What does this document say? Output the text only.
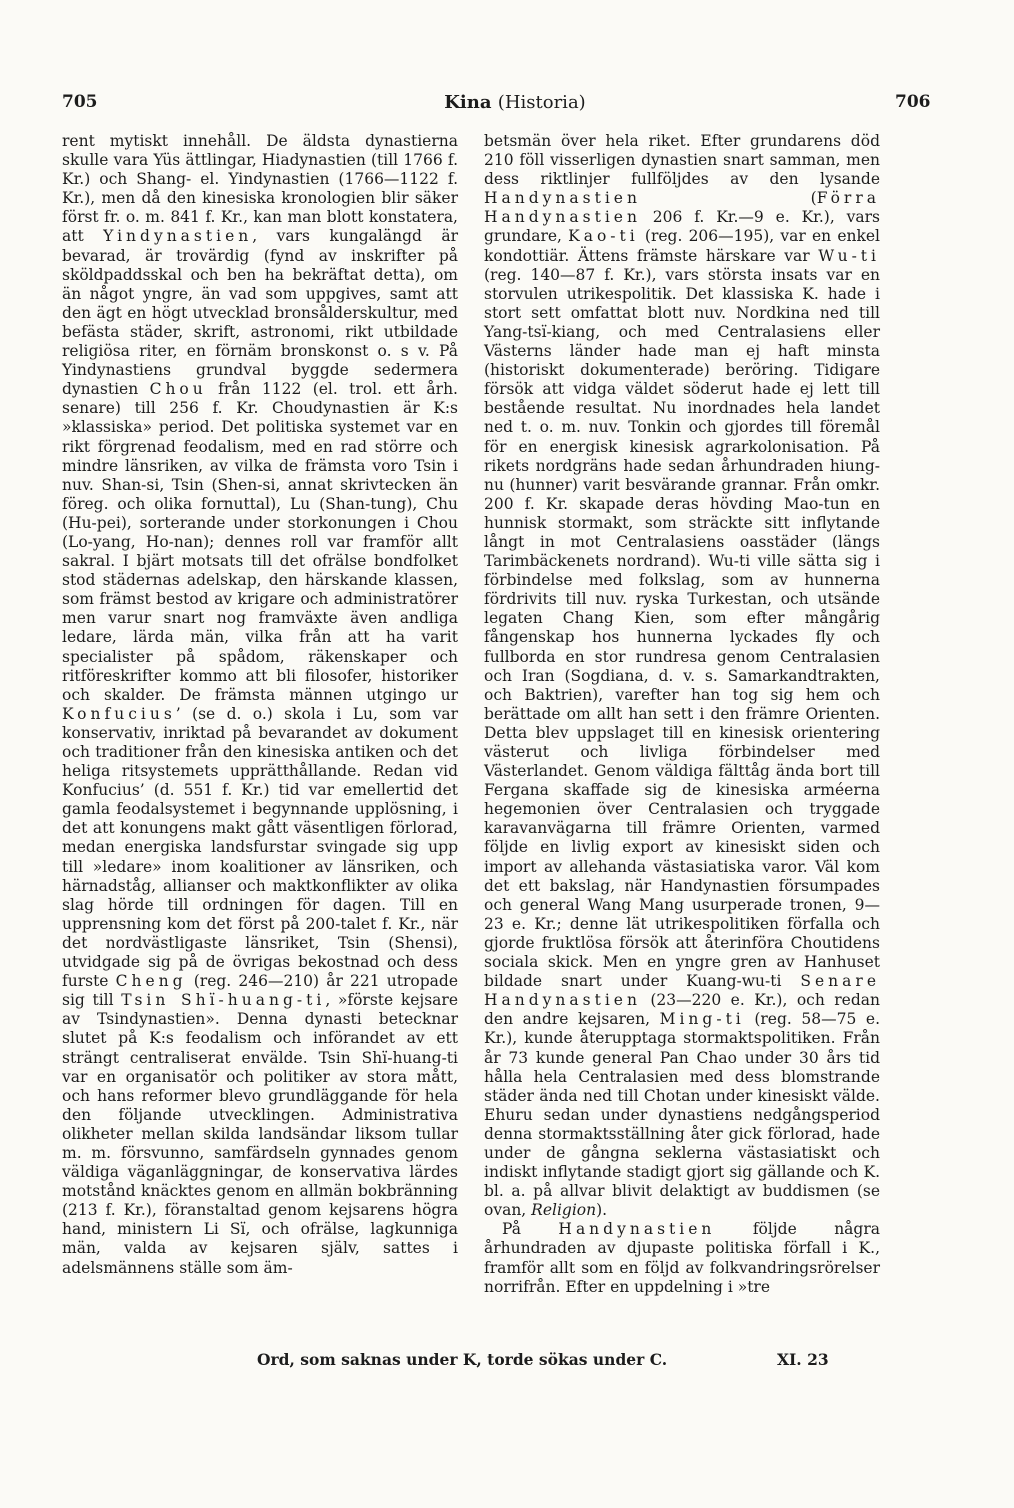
705	Kina (Historia)	706

rent mytiskt innehåll. De äldsta dynastierna skulle vara Yüs ättlingar, Hiadynastien (till 1766 f. Kr.) och Shang- el. Yindynastien (1766—1122 f. Kr.), men då den kinesiska kronologien blir säker först fr. o. m. 841 f. Kr., kan man blott konstatera, att Yindynastien, vars kungalängd är bevarad, är trovärdig (fynd av inskrifter på sköldpaddsskal och ben ha bekräftat detta), om än något yngre, än vad som uppgives, samt att den ägt en högt utvecklad bronsålderskultur, med befästa städer, skrift, astronomi, rikt utbildade religiösa riter, en förnäm bronskonst o. s v. På Yindynastiens grundval byggde sedermera dynastien Chou från 1122 (el. trol. ett årh. senare) till 256 f. Kr. Choudynastien är K:s »klassiska» period. Det politiska systemet var en rikt förgrenad feodalism, med en rad större och mindre länsriken, av vilka de främsta voro Tsin i nuv. Shan-si, Tsin (Shen-si, annat skrivtecken än föreg. och olika fornuttal), Lu (Shan-tung), Chu (Hu-pei), sorterande under storkonungen i Chou (Lo-yang, Ho-nan); dennes roll var framför allt sakral. I bjärt motsats till det ofrälse bondfolket stod städernas adelskap, den härskande klassen, som främst bestod av krigare och administratörer men varur snart nog framväxte även andliga ledare, lärda män, vilka från att ha varit specialister på spådom, räkenskaper och ritföreskrifter kommo att bli filosofer, historiker och skalder. De främsta männen utgingo ur Konfucius’ (se d. o.) skola i Lu, som var konservativ, inriktad på bevarandet av dokument och traditioner från den kinesiska antiken och det heliga ritsystemets upprätthållande. Redan vid Konfucius’ (d. 551 f. Kr.) tid var emellertid det gamla feodalsystemet i begynnande upplösning, i det att konungens makt gått väsentligen förlorad, medan energiska landsfurstar svingade sig upp till »ledare» inom koalitioner av länsriken, och härnadståg, allianser och maktkonflikter av olika slag hörde till ordningen för dagen. Till en upprensning kom det först på 200-talet f. Kr., när det nordvästligaste länsriket, Tsin (Shensi), utvidgade sig på de övrigas bekostnad och dess furste Cheng (reg. 246—210) år 221 utropade sig till Tsin Shï-huang-ti, »förste kejsare av Tsindynastien». Denna dynasti betecknar slutet på K:s feodalism och införandet av ett strängt centraliserat envälde. Tsin Shï-huang-ti var en organisatör och politiker av stora mått, och hans reformer blevo grundläggande för hela den följande utvecklingen. Administrativa olikheter mellan skilda landsändar liksom tullar m. m. försvunno, samfärdseln gynnades genom väldiga väganläggningar, de konservativa lärdes motstånd knäcktes genom en allmän bokbränning (213 f. Kr.), föranstaltad genom kejsarens högra hand, ministern Li Sï, och ofrälse, lagkunniga män, valda av kejsaren själv, sattes i adelsmännens ställe som äm-

betsmän över hela riket. Efter grundarens död 210 föll visserligen dynastien snart samman, men dess riktlinjer fullföljdes av den lysande Handynastien (Förra Handynastien 206 f. Kr.—9 e. Kr.), vars grundare, Kao-ti (reg. 206—195), var en enkel kondottiär. Ättens främste härskare var Wu-ti (reg. 140—87 f. Kr.), vars största insats var en storvulen utrikespolitik. Det klassiska K. hade i stort sett omfattat blott nuv. Nordkina ned till Yang-tsï-kiang, och med Centralasiens eller Västerns länder hade man ej haft minsta (historiskt dokumenterade) beröring. Tidigare försök att vidga väldet söderut hade ej lett till bestående resultat. Nu inordnades hela landet ned t. o. m. nuv. Tonkin och gjordes till föremål för en energisk kinesisk agrarkolonisation. På rikets nordgräns hade sedan århundraden hiung-nu (hunner) varit besvärande grannar. Från omkr. 200 f. Kr. skapade deras hövding Mao-tun en hunnisk stormakt, som sträckte sitt inflytande långt in mot Centralasiens oasstäder (längs Tarimbäckenets nordrand). Wu-ti ville sätta sig i förbindelse med folkslag, som av hunnerna fördrivits till nuv. ryska Turkestan, och utsände legaten Chang Kien, som efter mångårig fångenskap hos hunnerna lyckades fly och fullborda en stor rundresa genom Centralasien och Iran (Sogdiana, d. v. s. Samarkandtrakten, och Baktrien), varefter han tog sig hem och berättade om allt han sett i den främre Orienten. Detta blev uppslaget till en kinesisk orientering västerut och livliga förbindelser med Västerlandet. Genom väldiga fälttåg ända bort till Fergana skaffade sig de kinesiska arméerna hegemonien över Centralasien och tryggade karavanvägarna till främre Orienten, varmed följde en livlig export av kinesiskt siden och import av allehanda västasiatiska varor. Väl kom det ett bakslag, när Handynastien försumpades och general Wang Mang usurperade tronen, 9—23 e. Kr.; denne lät utrikespolitiken förfalla och gjorde fruktlösa försök att återinföra Choutidens sociala skick. Men en yngre gren av Hanhuset bildade snart under Kuang-wu-ti Senare Handynastien (23—220 e. Kr.), och redan den andre kejsaren, Ming-ti (reg. 58—75 e. Kr.), kunde återupptaga stormaktspolitiken. Från år 73 kunde general Pan Chao under 30 års tid hålla hela Centralasien med dess blomstrande städer ända ned till Chotan under kinesiskt välde. Ehuru sedan under dynastiens nedgångsperiod denna stormaktsställning åter gick förlorad, hade under de gångna seklerna västasiatiskt och indiskt inflytande stadigt gjort sig gällande och K. bl. a. på allvar blivit delaktigt av buddismen (se ovan, Religion).

På Handynastien följde några århundraden av djupaste politiska förfall i K., framför allt som en följd av folkvandringsrörelser norrifrån. Efter en uppdelning i »tre

Ord, som saknas under K, torde sökas under C.	XI. 23
